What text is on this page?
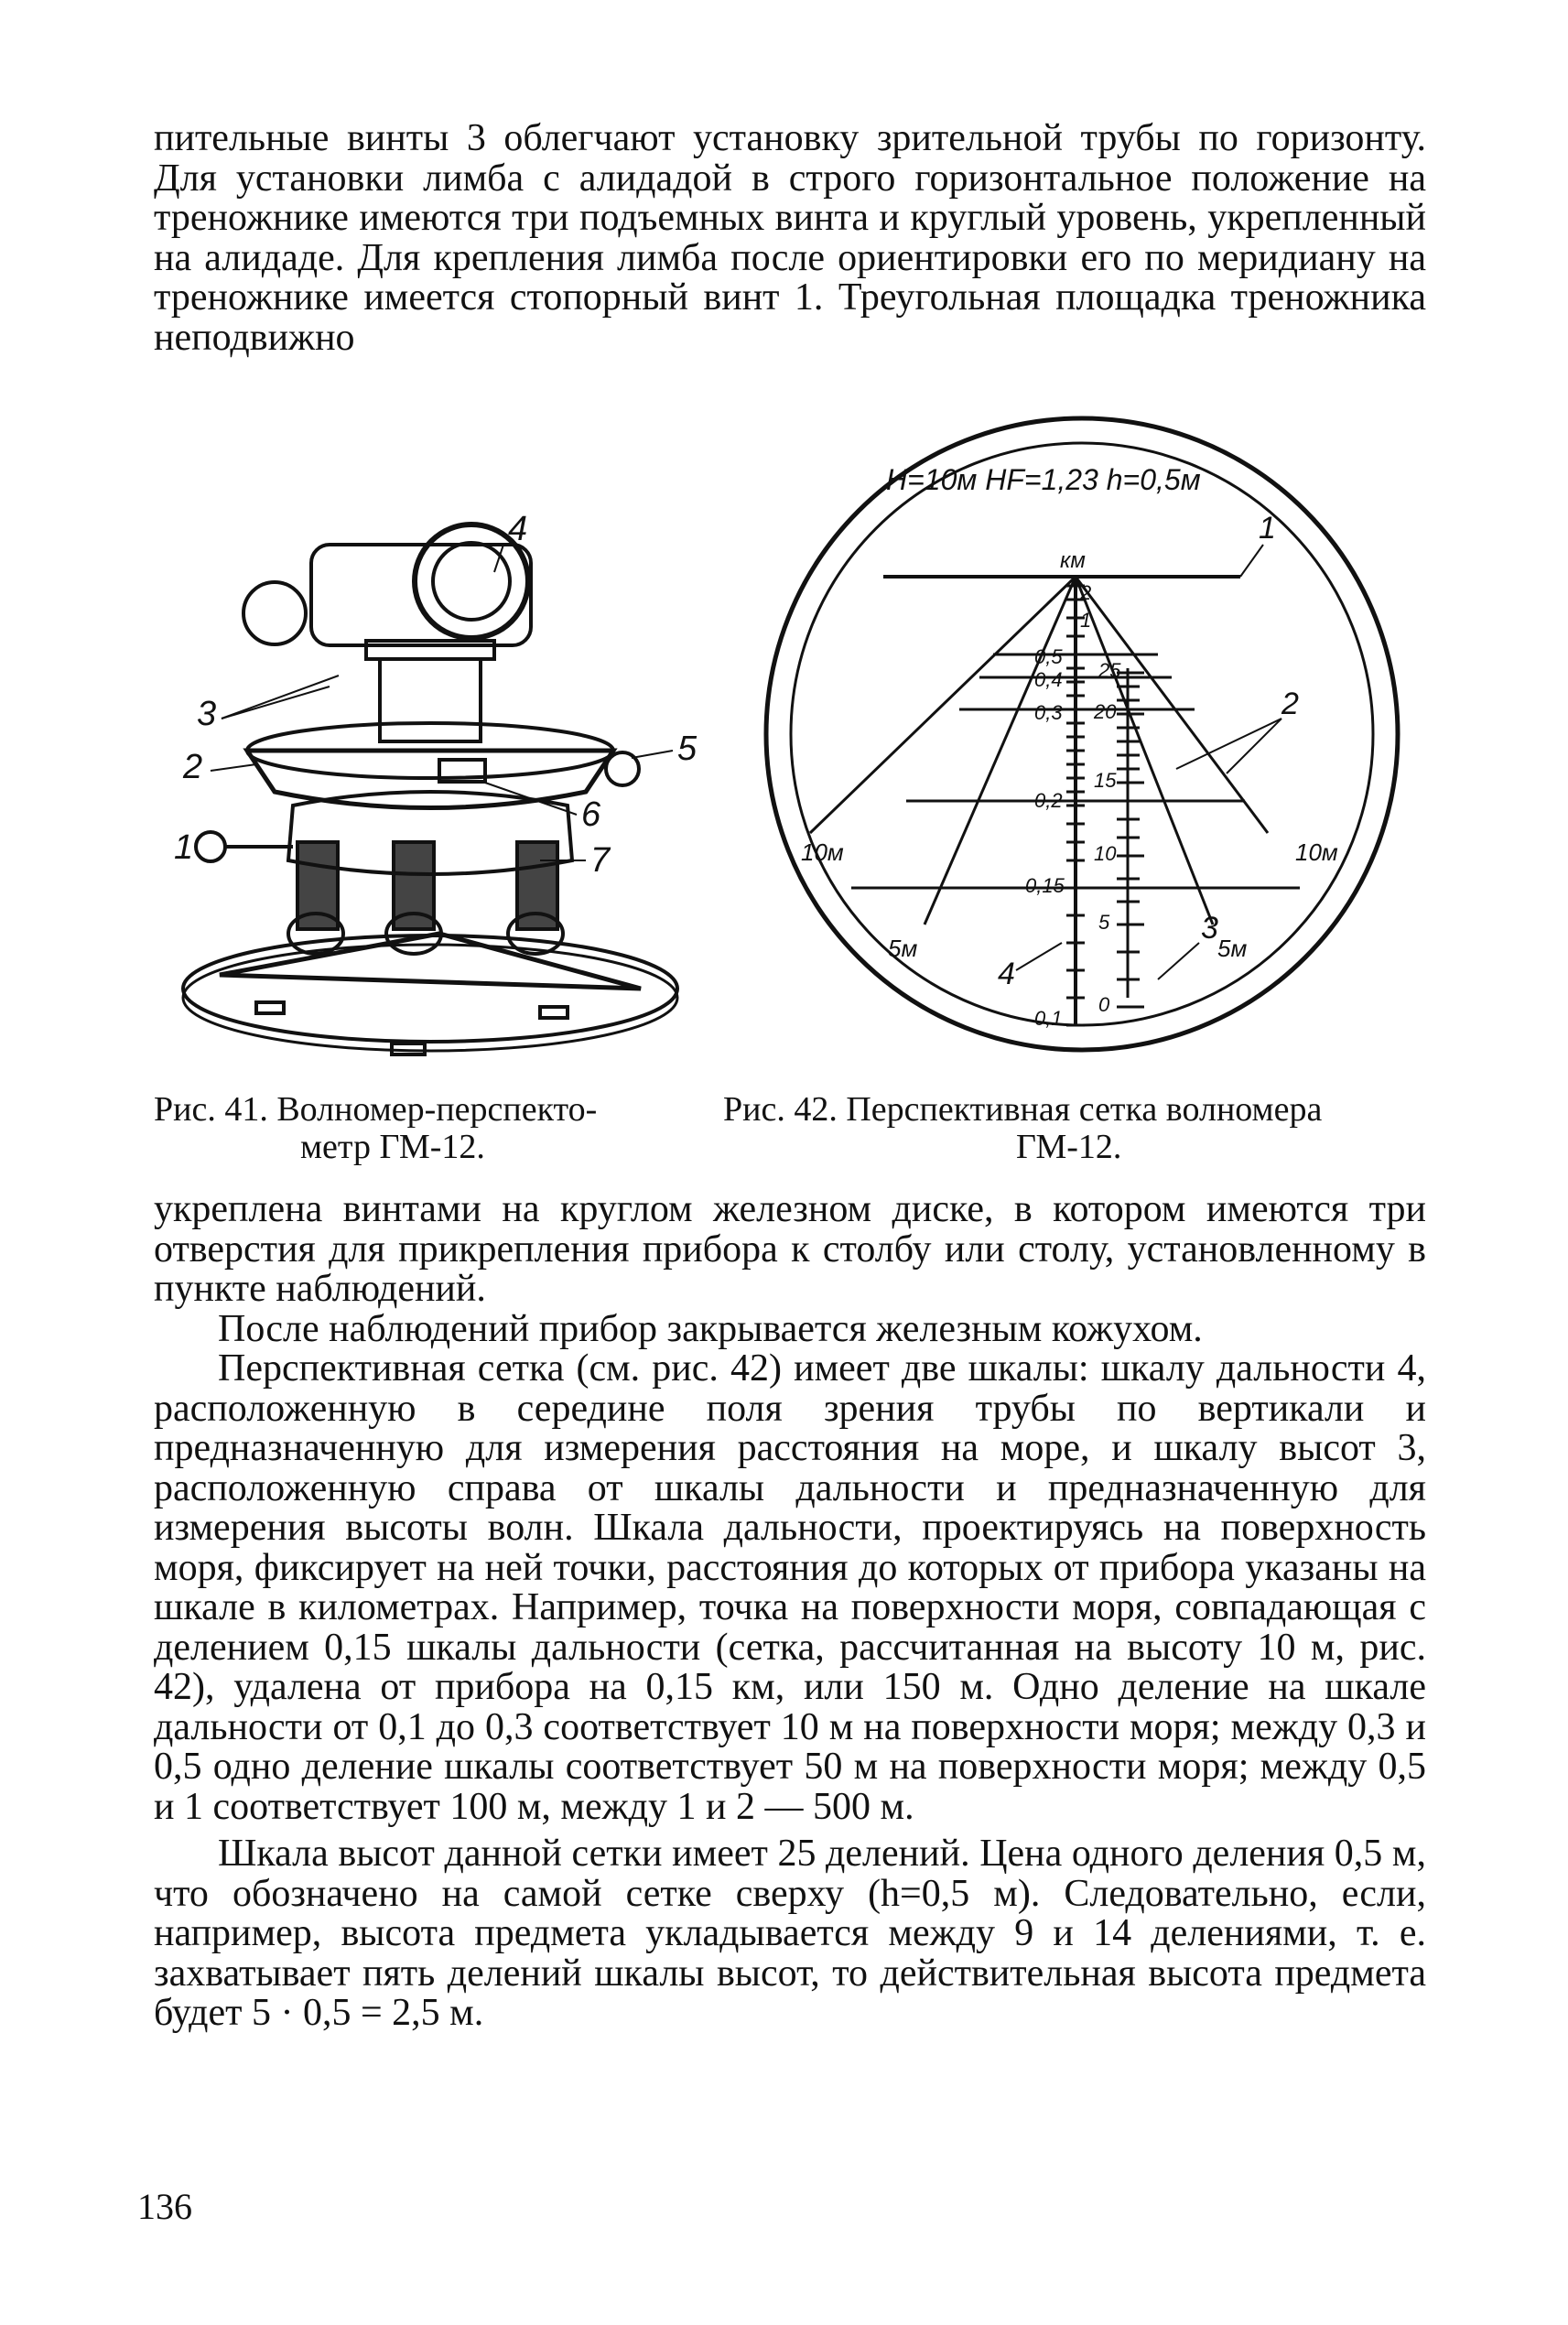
пительные винты 3 облегчают установку зрительной трубы по горизонту. Для установки лимба с алидадой в строго горизонтальное положение на треножнике имеются три подъемных винта и круглый уровень, укрепленный на алидаде. Для крепления лимба после ориентировки его по меридиану на треножнике имеется стопорный винт 1. Треугольная площадка треножника неподвижно

4
3
2	5
6
1	7
H=10м HF=1,23 h=0,5м
км
2
1
0,5
0,4
0,3
0,2
0,15
0,1
25
20
15
10
5
0
10м	10м
5м	5м
1
2
3
4
Рис. 41. Волномер-перспекто-
метр ГМ-12.
Рис. 42. Перспективная сетка волномера
ГМ-12.

укреплена винтами на круглом железном диске, в котором имеются три отверстия для прикрепления прибора к столбу или столу, установленному в пункте наблюдений.

После наблюдений прибор закрывается железным кожухом.

Перспективная сетка (см. рис. 42) имеет две шкалы: шкалу дальности 4, расположенную в середине поля зрения трубы по вертикали и предназначенную для измерения расстояния на море, и шкалу высот 3, расположенную справа от шкалы дальности и предназначенную для измерения высоты волн. Шкала дальности, проектируясь на поверхность моря, фиксирует на ней точки, расстояния до которых от прибора указаны на шкале в километрах. Например, точка на поверхности моря, совпадающая с делением 0,15 шкалы дальности (сетка, рассчитанная на высоту 10 м, рис. 42), удалена от прибора на 0,15 км, или 150 м. Одно деление на шкале дальности от 0,1 до 0,3 соответствует 10 м на поверхности моря; между 0,3 и 0,5 одно деление шкалы соответствует 50 м на поверхности моря; между 0,5 и 1 соответствует 100 м, между 1 и 2 — 500 м.

Шкала высот данной сетки имеет 25 делений. Цена одного деления 0,5 м, что обозначено на самой сетке сверху (h=0,5 м). Следовательно, если, например, высота предмета укладывается между 9 и 14 делениями, т. е. захватывает пять делений шкалы высот, то действительная высота предмета будет 5 · 0,5 = 2,5 м.

136
